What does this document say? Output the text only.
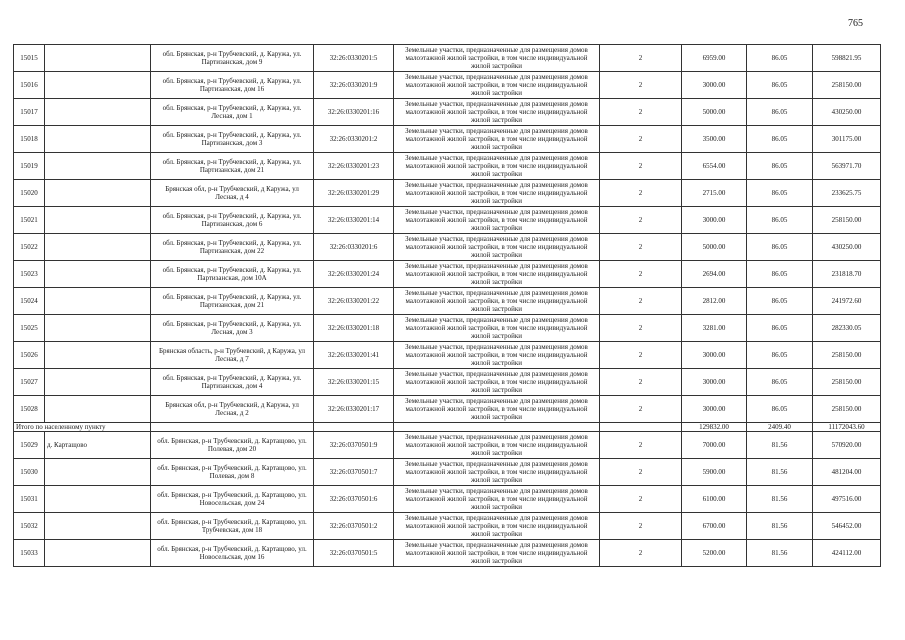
765
15015		обл. Брянская, р-н Трубчевский, д. Каружа, ул. Партизанская, дом 9	32:26:0330201:5	Земельные участки, предназначенные для размещения домов малоэтажной жилой застройки, в том числе индивидуальной жилой застройки	2	6959.00	86.05	598821.95
15016		обл. Брянская, р-н Трубчевский, д. Каружа, ул. Партизанская, дом 16	32:26:0330201:9	Земельные участки, предназначенные для размещения домов малоэтажной жилой застройки, в том числе индивидуальной жилой застройки	2	3000.00	86.05	258150.00
15017		обл. Брянская, р-н Трубчевский, д. Каружа, ул. Лесная, дом 1	32:26:0330201:16	Земельные участки, предназначенные для размещения домов малоэтажной жилой застройки, в том числе индивидуальной жилой застройки	2	5000.00	86.05	430250.00
15018		обл. Брянская, р-н Трубчевский, д. Каружа, ул. Партизанская, дом 3	32:26:0330201:2	Земельные участки, предназначенные для размещения домов малоэтажной жилой застройки, в том числе индивидуальной жилой застройки	2	3500.00	86.05	301175.00
15019		обл. Брянская, р-н Трубчевский, д. Каружа, ул. Партизанская, дом 21	32:26:0330201:23	Земельные участки, предназначенные для размещения домов малоэтажной жилой застройки, в том числе индивидуальной жилой застройки	2	6554.00	86.05	563971.70
15020		Брянская обл, р-н Трубчевский, д Каружа, ул Лесная, д 4	32:26:0330201:29	Земельные участки, предназначенные для размещения домов малоэтажной жилой застройки, в том числе индивидуальной жилой застройки	2	2715.00	86.05	233625.75
15021		обл. Брянская, р-н Трубчевский, д. Каружа, ул. Партизанская, дом 6	32:26:0330201:14	Земельные участки, предназначенные для размещения домов малоэтажной жилой застройки, в том числе индивидуальной жилой застройки	2	3000.00	86.05	258150.00
15022		обл. Брянская, р-н Трубчевский, д. Каружа, ул. Партизанская, дом 22	32:26:0330201:6	Земельные участки, предназначенные для размещения домов малоэтажной жилой застройки, в том числе индивидуальной жилой застройки	2	5000.00	86.05	430250.00
15023		обл. Брянская, р-н Трубчевский, д. Каружа, ул. Партизанская, дом 10А	32:26:0330201:24	Земельные участки, предназначенные для размещения домов малоэтажной жилой застройки, в том числе индивидуальной жилой застройки	2	2694.00	86.05	231818.70
15024		обл. Брянская, р-н Трубчевский, д. Каружа, ул. Партизанская, дом 21	32:26:0330201:22	Земельные участки, предназначенные для размещения домов малоэтажной жилой застройки, в том числе индивидуальной жилой застройки	2	2812.00	86.05	241972.60
15025		обл. Брянская, р-н Трубчевский, д. Каружа, ул. Лесная, дом 3	32:26:0330201:18	Земельные участки, предназначенные для размещения домов малоэтажной жилой застройки, в том числе индивидуальной жилой застройки	2	3281.00	86.05	282330.05
15026		Брянская область, р-н Трубчевский, д Каружа, ул Лесная, д 7	32:26:0330201:41	Земельные участки, предназначенные для размещения домов малоэтажной жилой застройки, в том числе индивидуальной жилой застройки	2	3000.00	86.05	258150.00
15027		обл. Брянская, р-н Трубчевский, д. Каружа, ул. Партизанская, дом 4	32:26:0330201:15	Земельные участки, предназначенные для размещения домов малоэтажной жилой застройки, в том числе индивидуальной жилой застройки	2	3000.00	86.05	258150.00
15028		Брянская обл, р-н Трубчевский, д Каружа, ул Лесная, д 2	32:26:0330201:17	Земельные участки, предназначенные для размещения домов малоэтажной жилой застройки, в том числе индивидуальной жилой застройки	2	3000.00	86.05	258150.00
Итого по населенному пункту						129832.00	2409.40	11172043.60
15029	д. Картащово	обл. Брянская, р-н Трубчевский, д. Картащово, ул. Полевая, дом 20	32:26:0370501:9	Земельные участки, предназначенные для размещения домов малоэтажной жилой застройки, в том числе индивидуальной жилой застройки	2	7000.00	81.56	570920.00
15030		обл. Брянская, р-н Трубчевский, д. Картащово, ул. Полевая, дом 8	32:26:0370501:7	Земельные участки, предназначенные для размещения домов малоэтажной жилой застройки, в том числе индивидуальной жилой застройки	2	5900.00	81.56	481204.00
15031		обл. Брянская, р-н Трубчевский, д. Картащово, ул. Новосельская, дом 24	32:26:0370501:6	Земельные участки, предназначенные для размещения домов малоэтажной жилой застройки, в том числе индивидуальной жилой застройки	2	6100.00	81.56	497516.00
15032		обл. Брянская, р-н Трубчевский, д. Картащово, ул. Трубчевская, дом 18	32:26:0370501:2	Земельные участки, предназначенные для размещения домов малоэтажной жилой застройки, в том числе индивидуальной жилой застройки	2	6700.00	81.56	546452.00
15033		обл. Брянская, р-н Трубчевский, д. Картащово, ул. Новосельская, дом 16	32:26:0370501:5	Земельные участки, предназначенные для размещения домов малоэтажной жилой застройки, в том числе индивидуальной жилой застройки	2	5200.00	81.56	424112.00
